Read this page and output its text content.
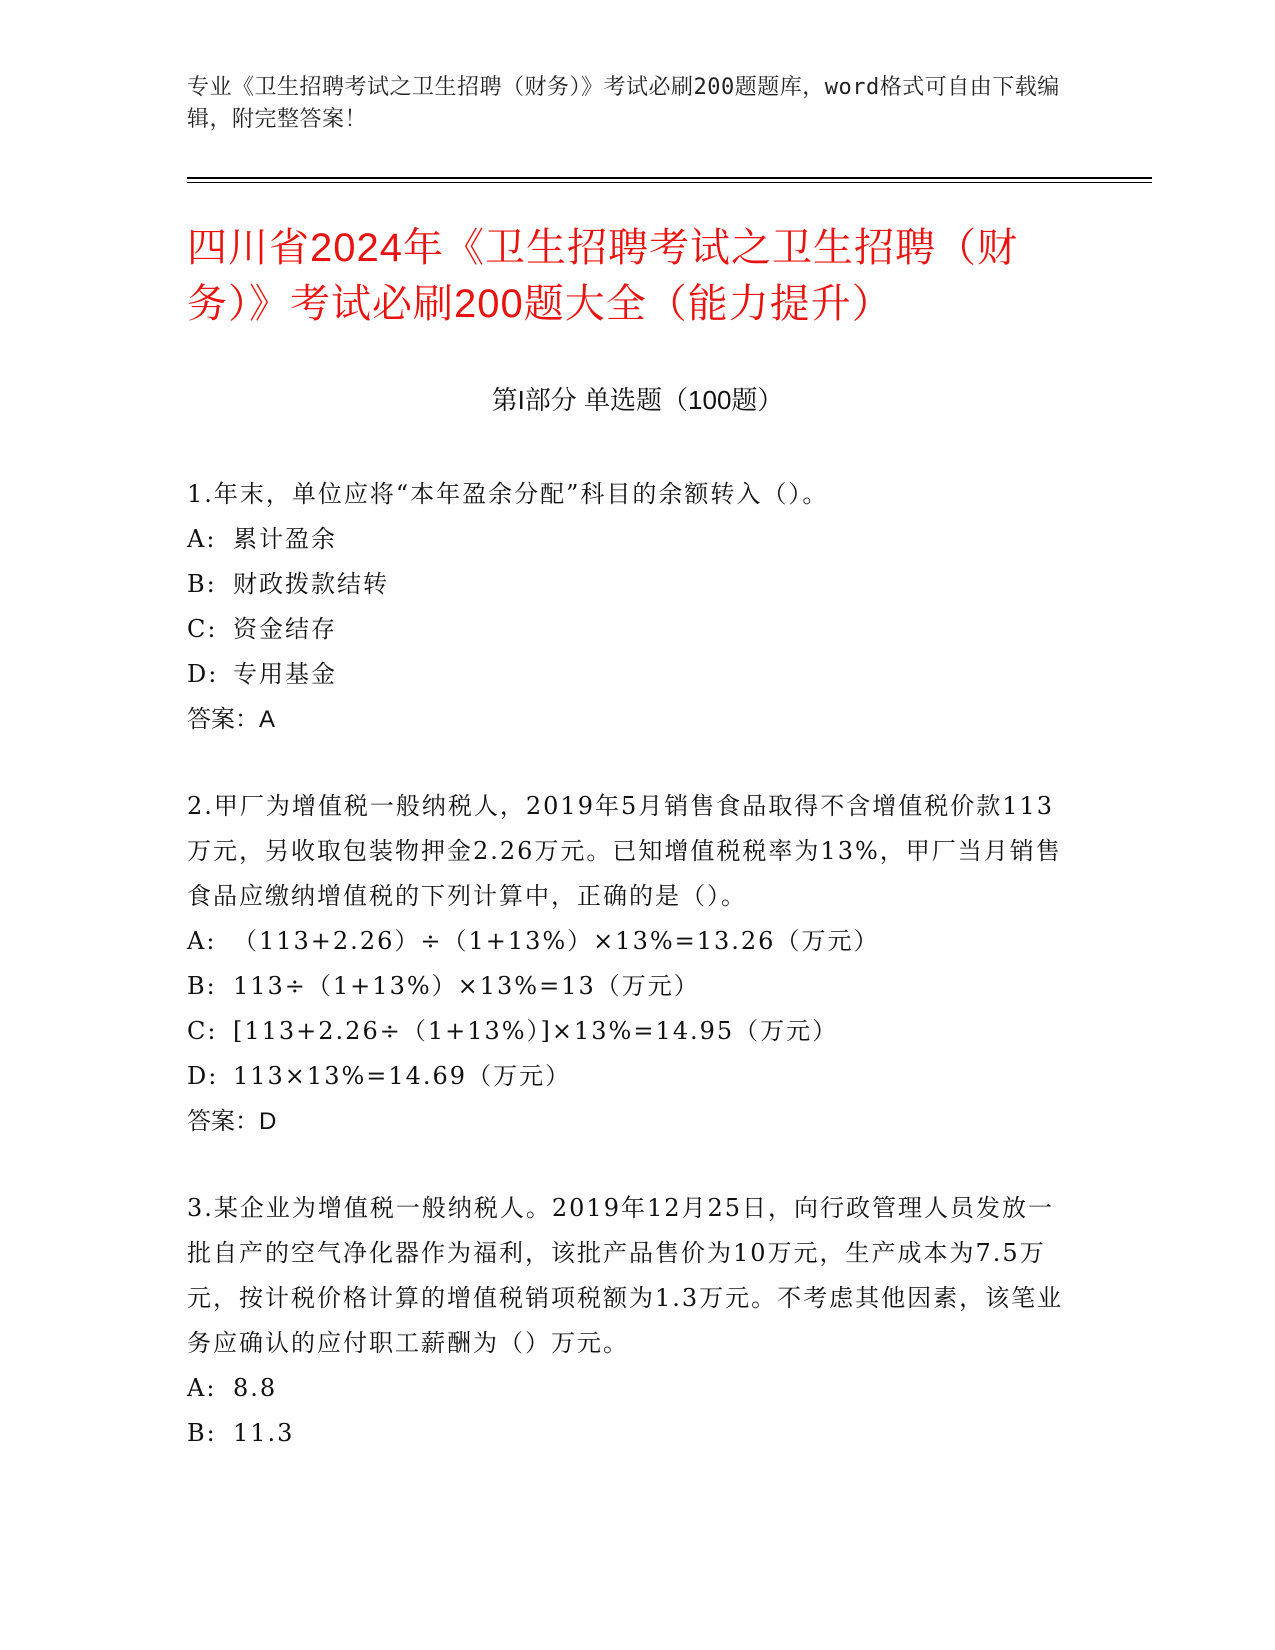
专业《卫生招聘考试之卫生招聘（财务）》考试必刷200题题库，word格式可自由下载编辑，附完整答案！
四川省2024年《卫生招聘考试之卫生招聘（财务）》考试必刷200题大全（能力提升）
第I部分 单选题（100题）
1.年末，单位应将“本年盈余分配”科目的余额转入（）。
A: 累计盈余
B: 财政拨款结转
C: 资金结存
D: 专用基金
答案：A
2.甲厂为增值税一般纳税人，2019年5月销售食品取得不含增值税价款113万元，另收取包装物押金2.26万元。已知增值税税率为13%，甲厂当月销售食品应缴纳增值税的下列计算中，正确的是（）。
A: （113+2.26）÷（1+13%）×13%=13.26（万元）
B: 113÷（1+13%）×13%=13（万元）
C: [113+2.26÷（1+13%）]×13%=14.95（万元）
D: 113×13%=14.69（万元）
答案：D
3.某企业为增值税一般纳税人。2019年12月25日，向行政管理人员发放一批自产的空气净化器作为福利，该批产品售价为10万元，生产成本为7.5万元，按计税价格计算的增值税销项税额为1.3万元。不考虑其他因素，该笔业务应确认的应付职工薪酬为（）万元。
A: 8.8
B: 11.3
